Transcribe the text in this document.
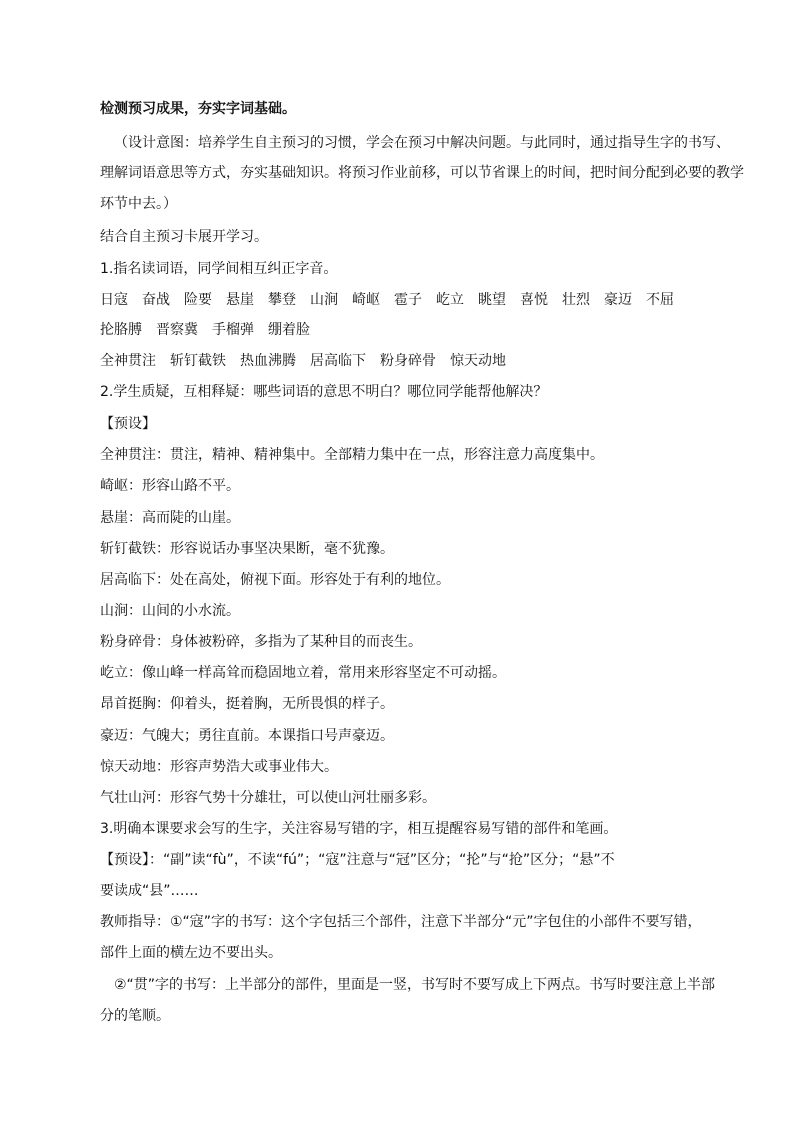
检测预习成果，夯实字词基础。
（设计意图：培养学生自主预习的习惯，学会在预习中解决问题。与此同时，通过指导生字的书写、
理解词语意思等方式，夯实基础知识。将预习作业前移，可以节省课上的时间，把时间分配到必要的教学
环节中去。）
结合自主预习卡展开学习。
1.指名读词语，同学间相互纠正字音。
日寇　奋战　险要　悬崖　攀登　山涧　崎岖　雹子　屹立　眺望　喜悦　壮烈　豪迈　不屈
抡胳膊　晋察冀　手榴弹　绷着脸
全神贯注　斩钉截铁　热血沸腾　居高临下　粉身碎骨　惊天动地
2.学生质疑，互相释疑：哪些词语的意思不明白？哪位同学能帮他解决？
【预设】
全神贯注：贯注，精神、精神集中。全部精力集中在一点，形容注意力高度集中。
崎岖：形容山路不平。
悬崖：高而陡的山崖。
斩钉截铁：形容说话办事坚决果断，毫不犹豫。
居高临下：处在高处，俯视下面。形容处于有利的地位。
山涧：山间的小水流。
粉身碎骨：身体被粉碎，多指为了某种目的而丧生。
屹立：像山峰一样高耸而稳固地立着，常用来形容坚定不可动摇。
昂首挺胸：仰着头，挺着胸，无所畏惧的样子。
豪迈：气魄大；勇往直前。本课指口号声豪迈。
惊天动地：形容声势浩大或事业伟大。
气壮山河：形容气势十分雄壮，可以使山河壮丽多彩。
3.明确本课要求会写的生字，关注容易写错的字，相互提醒容易写错的部件和笔画。
【预设】：“副”读“fù”，不读“fú”；“寇”注意与“冠”区分；“抡”与“抢”区分；“悬”不
要读成“县”……
教师指导：①“寇”字的书写：这个字包括三个部件，注意下半部分“元”字包住的小部件不要写错，
部件上面的横左边不要出头。
②“贯”字的书写：上半部分的部件，里面是一竖，书写时不要写成上下两点。书写时要注意上半部
分的笔顺。
